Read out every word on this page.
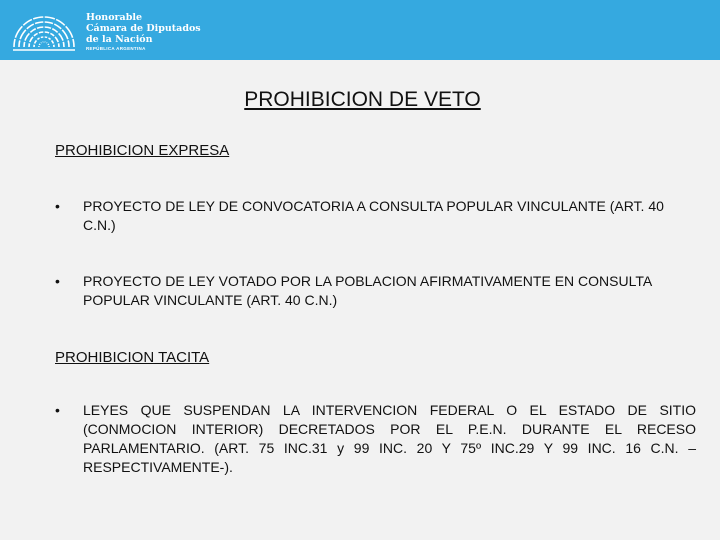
Honorable
Cámara de Diputados
de la Nación
REPÚBLICA ARGENTINA
PROHIBICION DE VETO
PROHIBICION EXPRESA
•	PROYECTO DE LEY DE CONVOCATORIA A CONSULTA POPULAR VINCULANTE (ART. 40 C.N.)
•	PROYECTO DE LEY VOTADO POR LA POBLACION AFIRMATIVAMENTE EN CONSULTA POPULAR VINCULANTE (ART. 40 C.N.)
PROHIBICION TACITA
•	LEYES QUE SUSPENDAN LA INTERVENCION FEDERAL O EL ESTADO DE SITIO (CONMOCION INTERIOR) DECRETADOS POR EL P.E.N. DURANTE EL RECESO PARLAMENTARIO. (ART. 75 INC.31 y 99 INC. 20 Y 75º INC.29 Y 99 INC. 16 C.N. – RESPECTIVAMENTE-).
